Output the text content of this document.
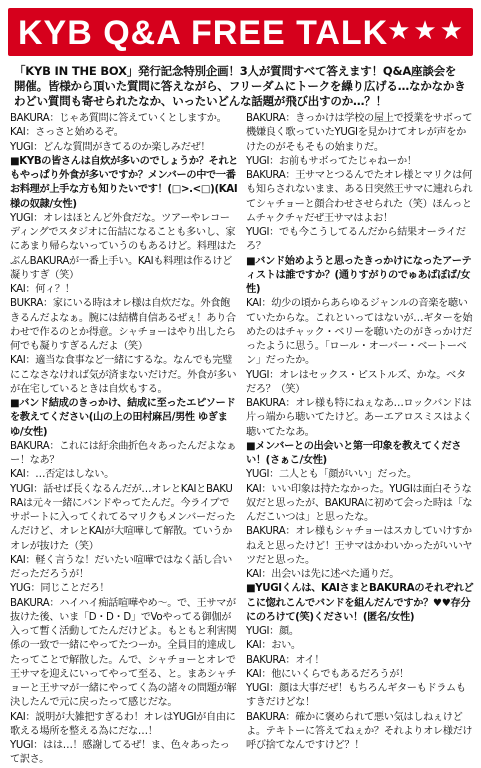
KYB Q&A FREE TALK
★ ★ ★
「KYB IN THE BOX」発行記念特別企画！3人が質問すべて答えます！Q&A座談会を開催。皆様から頂いた質問に答えながら、フリーダムにトークを繰り広げる…なかなかきわどい質問も寄せられたなか、いったいどんな話題が飛び出すのか…？！
BAKURA：じゃあ質問に答えていくとしますか。
KAI：さっさと始めるぞ。
YUGI：どんな質問がきてるのか楽しみだぜ！
■KYBの皆さんは自炊が多いのでしょうか？それともやっぱり外食が多いですか？メンバーの中で一番お料理が上手な方も知りたいです！(□>.<□)(KAI様の奴隷/女性)
YUGI：オレはほとんど外食だな。ツアーやレコーディングでスタジオに缶詰になることも多いし、家にあまり帰らないっていうのもあるけど。料理はたぶんBAKURAが一番上手い。KAIも料理は作るけど凝りすぎ（笑）
KAI：何ィ？！
BUKRA：家にいる時はオレ様は自炊だな。外食飽きるんだよなぁ。腕には結構自信あるぜぇ！あり合わせで作るのとか得意。シャチョーはやり出したら何でも凝りすぎるんだよ（笑）
KAI：適当な食事など一緒にするな。なんでも完璧にこなさなければ気が済まないだけだ。外食が多いが在宅しているときは自炊もする。
■バンド結成のきっかけ、結成に至ったエピソードを教えてください(山の上の田村麻呂/男性 ゆぎまゆ/女性)
BAKURA：これには紆余曲折色々あったんだよなぁー！なあ？
KAI：…否定はしない。
YUGI：話せば長くなるんだが…オレとKAIとBAKURAは元々一緒にバンドやってたんだ。今ライブでサポートに入ってくれてるマリクもメンバーだったんだけど、オレとKAIが大喧嘩して解散。ていうかオレが抜けた（笑）
KAI：軽く言うな！だいたい喧嘩ではなく話し合いだっただろうが！
YUG：同じことだろ！
BAKURA：ハイハイ痴話喧嘩やめ～。で、王サマが抜けた後、いま「D・D・D」でVoやってる御伽が入って暫く活動してたんだけどよ。もともと利害関係の一致で一緒にやってたつーか。全員目的達成したってことで解散した。んで、シャチョーとオレで王サマを迎えにいってやって至る、と。まあシャチョーと王サマが一緒にやってく為の諸々の問題が解決したんで元に戻ったって感じだな。
KAI：説明が大雑把すぎるわ！オレはYUGIが自由に歌える場所を整える為にだな…！
YUGI：はは…！感謝してるぜ！ま、色々あったって訳さ。
BAKURA：きっかけは学校の屋上で授業をサボって機嫌良く歌っていたYUGIを見かけてオレが声をかけたのがそもそもの始まりだ。
YUGI：お前もサボってたじゃねーか！
BAKURA：王サマとつるんでたオレ様とマリクは何も知らされないまま、ある日突然王サマに連れられてシャチョーと顔合わせさせられた（笑）ほんっとムチャクチャだぜ王サマはよお！
YUGI：でも今こうしてるんだから結果オーライだろ？
■バンド始めようと思ったきっかけになったアーティストは誰ですか？(通りすがりのでゅあばぼば/女性)
KAI：幼少の頃からあらゆるジャンルの音楽を聴いていたからな。これといってはないが…ギターを始めたのはチャック・ベリーを聴いたのがきっかけだったように思う。「ロール・オーバー・ベートーベン」だったか。
YUGI：オレはセックス・ピストルズ、かな。ベタだろ？（笑）
BAKURA：オレ様も特にねぇなあ…ロックバンドは片っ端から聴いてたけど。あーエアロスミスはよく聴いてたなあ。
■メンバーとの出会いと第一印象を教えてください！(さぁこ/女性)
YUGI：二人とも「顔がいい」だった。
KAI：いい印象は持たなかった。YUGIは面白そうな奴だと思ったが、BAKURAに初めて会った時は「なんだこいつは」と思ったな。
BAKURA：オレ様もシャチョーはスカしていけすかねえと思ったけど！王サマはかわいかったがいいヤツだと思った。
KAI：出会いは先に述べた通りだ。
■YUGIくんは、KAIさまとBAKURAのそれぞれどこに惚れこんでバンドを組んだんですか？♥♥存分にのろけて(笑)ください！(匿名/女性)
YUGI：顔。
KAI：おい。
BAKURA：オイ！
KAI：他にいくらでもあるだろうが！
YUGI：顔は大事だぜ！もちろんギターもドラムもすきだけどな！
BAKURA：確かに褒められて悪い気はしねぇけどよ。テキトーに答えてねぇか？それよりオレ様だけ呼び捨てなんですけど？！
